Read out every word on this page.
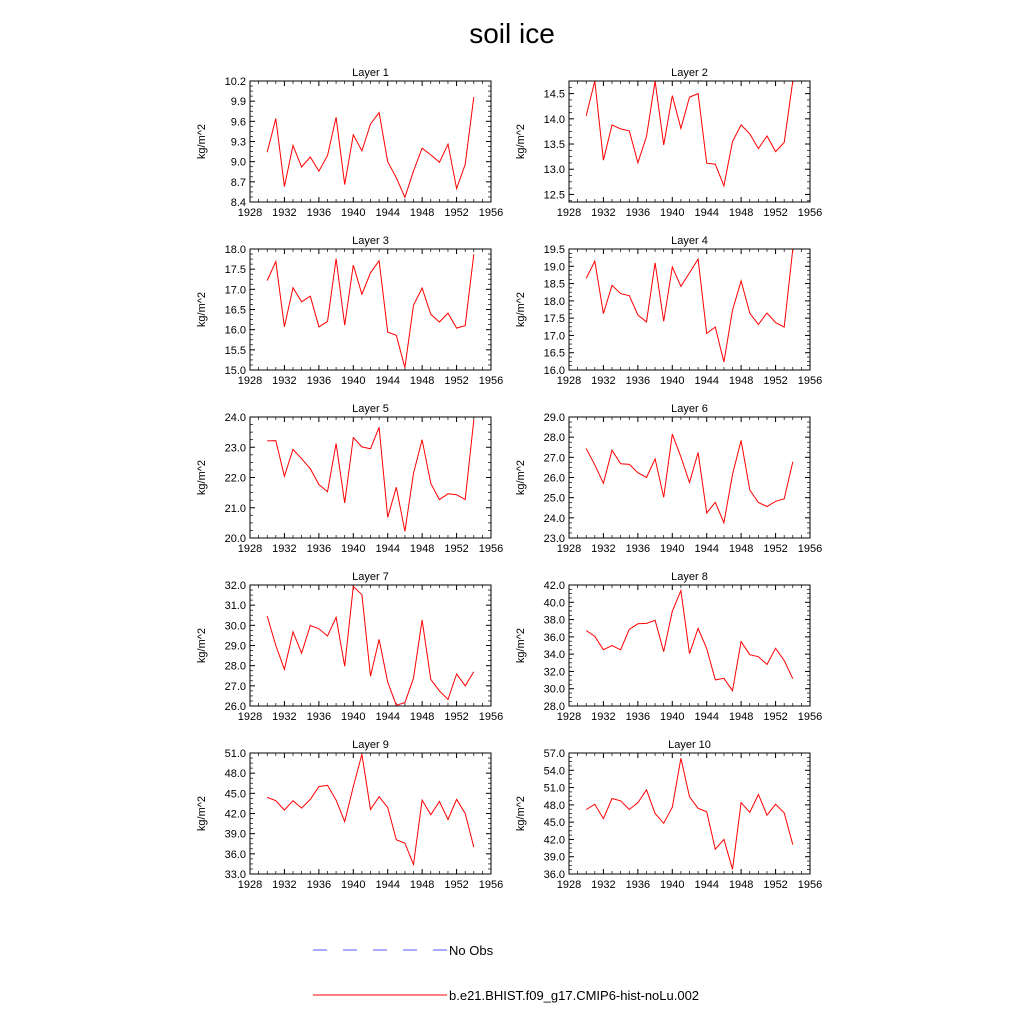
soil ice
Layer 1
kg/m^2
1928 1932 1936 1940 1944 1948 1952 1956
8.4
8.7
9.0
9.3
9.6
9.9
10.2
Layer 2
kg/m^2
1928 1932 1936 1940 1944 1948 1952 1956
12.5
13.0
13.5
14.0
14.5
Layer 3
kg/m^2
1928 1932 1936 1940 1944 1948 1952 1956
15.0
15.5
16.0
16.5
17.0
17.5
18.0
Layer 4
kg/m^2
1928 1932 1936 1940 1944 1948 1952 1956
16.0
16.5
17.0
17.5
18.0
18.5
19.0
19.5
Layer 5
kg/m^2
1928 1932 1936 1940 1944 1948 1952 1956
20.0
21.0
22.0
23.0
24.0
Layer 6
kg/m^2
1928 1932 1936 1940 1944 1948 1952 1956
23.0
24.0
25.0
26.0
27.0
28.0
29.0
Layer 7
kg/m^2
1928 1932 1936 1940 1944 1948 1952 1956
26.0
27.0
28.0
29.0
30.0
31.0
32.0
Layer 8
kg/m^2
1928 1932 1936 1940 1944 1948 1952 1956
28.0
30.0
32.0
34.0
36.0
38.0
40.0
42.0
Layer 9
kg/m^2
1928 1932 1936 1940 1944 1948 1952 1956
33.0
36.0
39.0
42.0
45.0
48.0
51.0
Layer 10
kg/m^2
1928 1932 1936 1940 1944 1948 1952 1956
36.0
39.0
42.0
45.0
48.0
51.0
54.0
57.0
No Obs
b.e21.BHIST.f09_g17.CMIP6-hist-noLu.002
